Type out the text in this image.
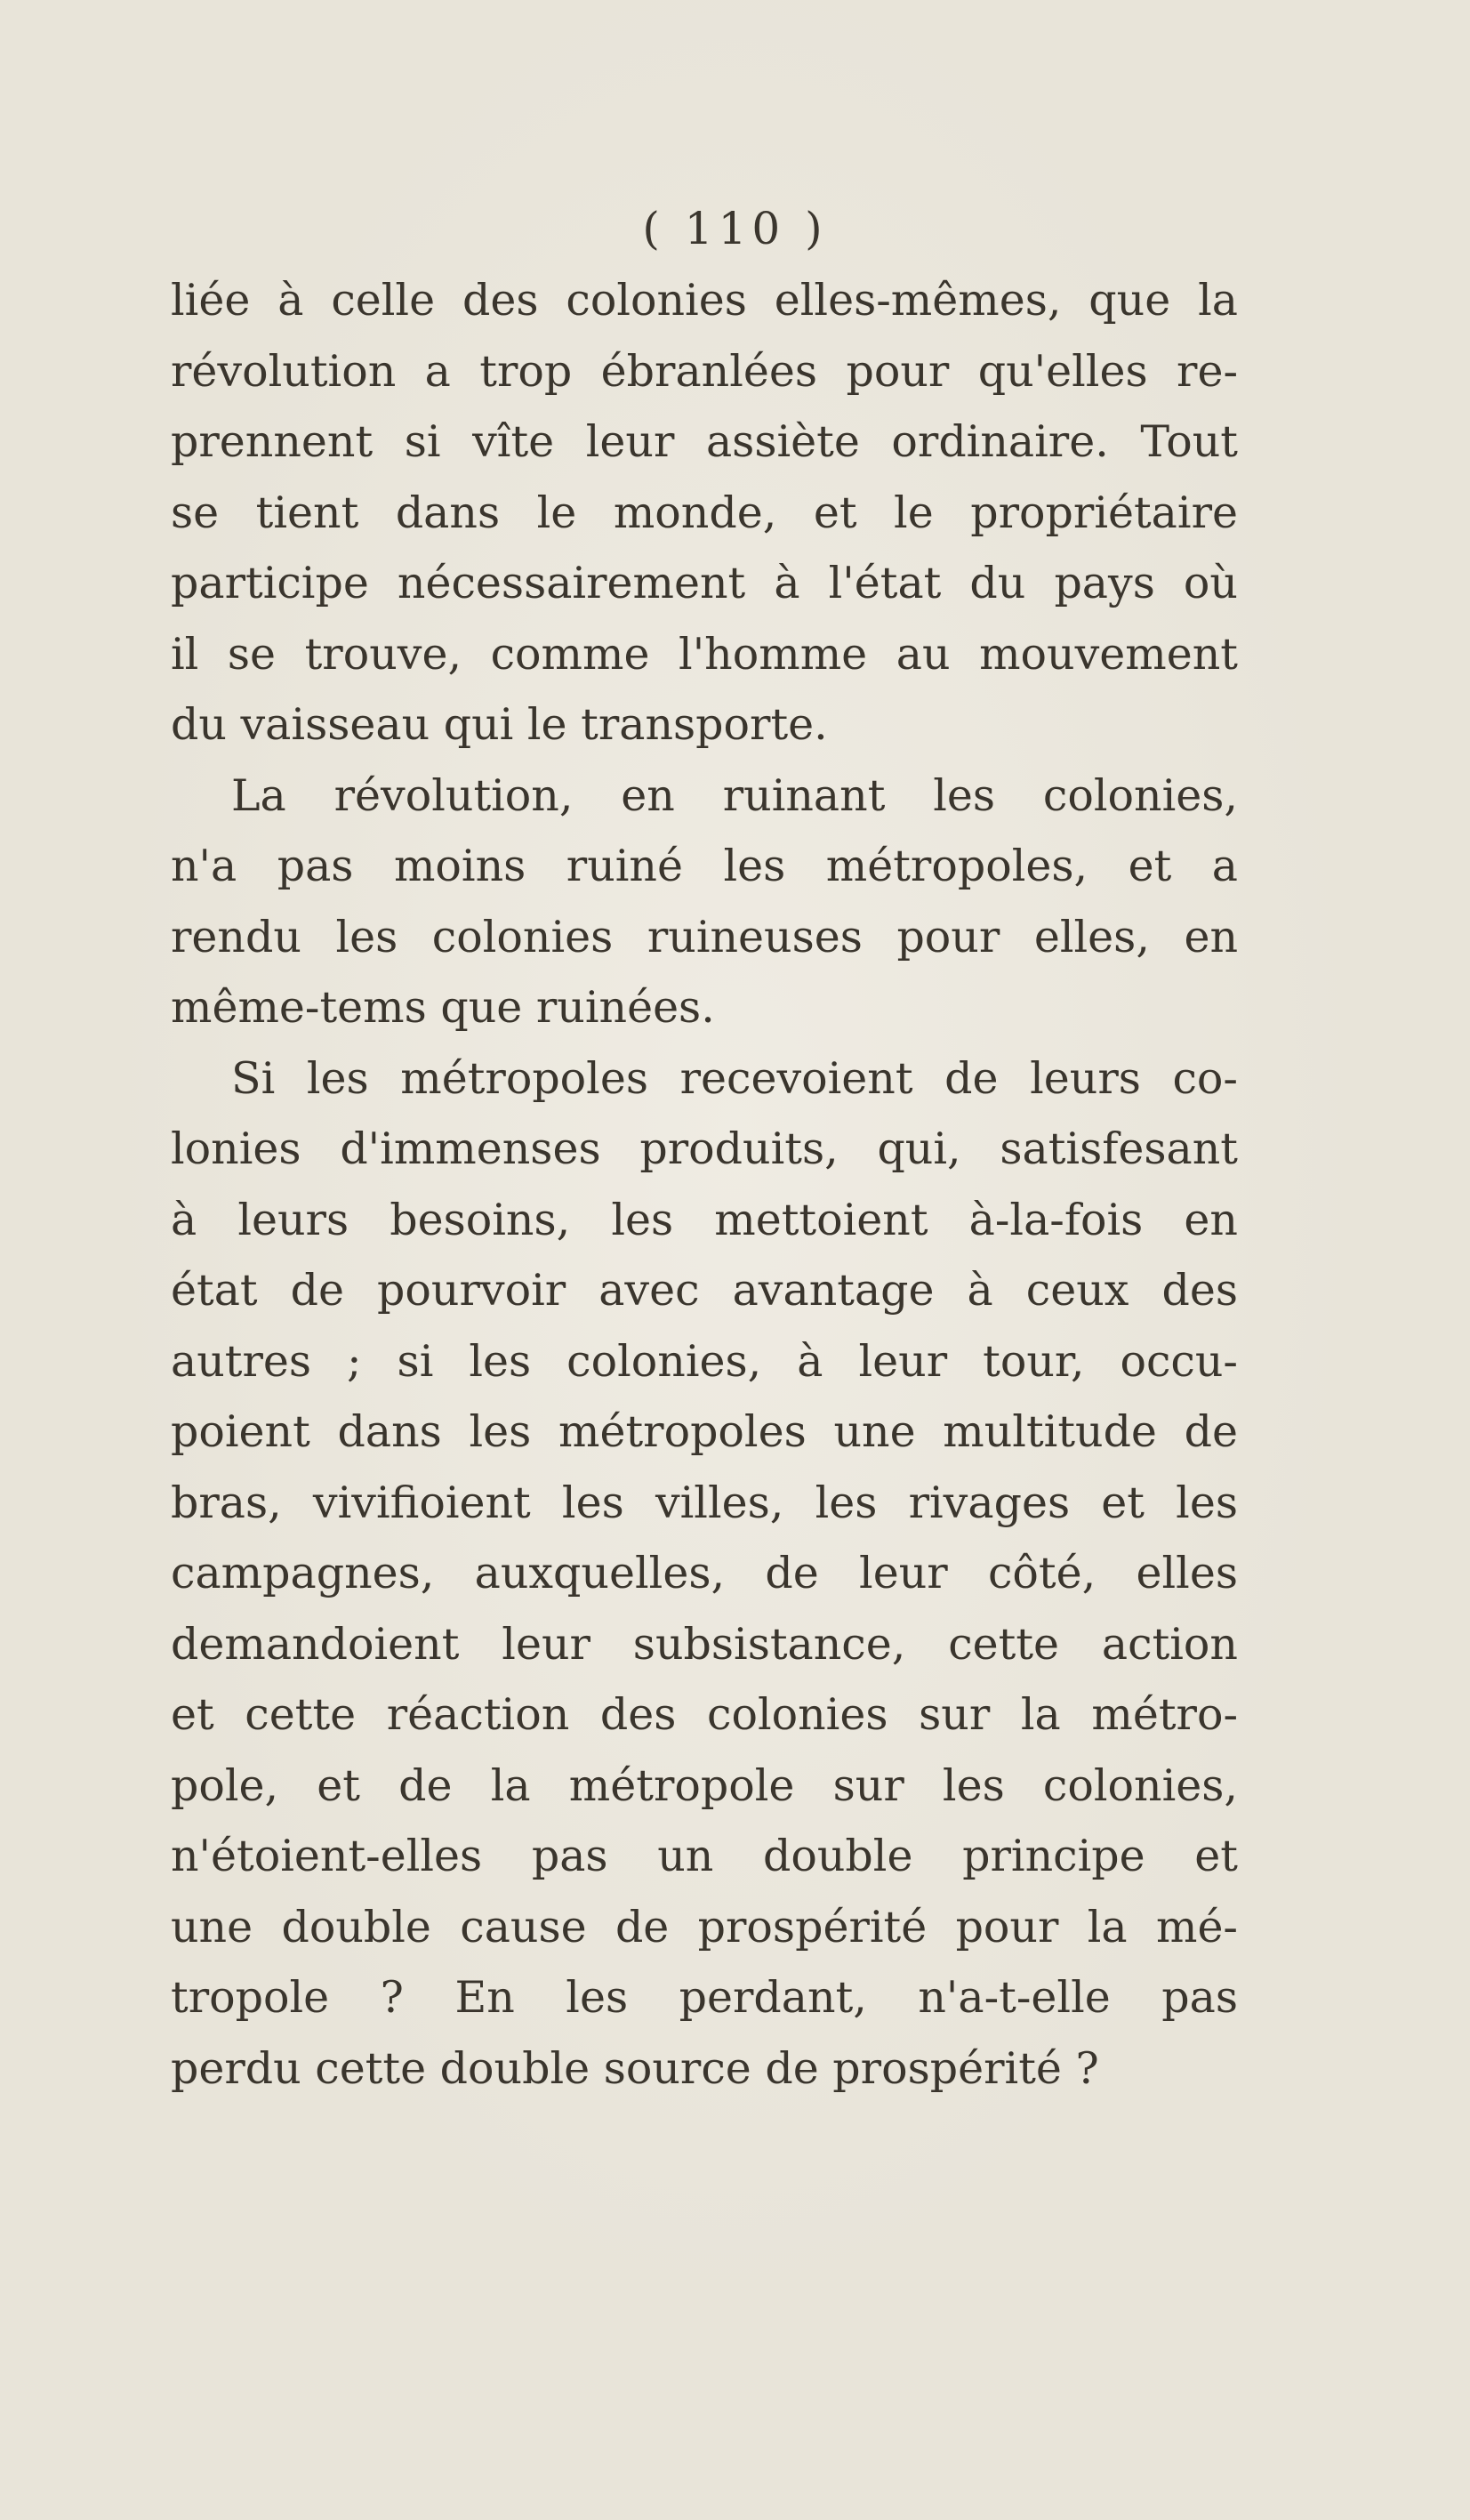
( 110 )
liée à celle des colonies elles-mêmes, que la
révolution a trop ébranlées pour qu'elles re-
prennent si vîte leur assiète ordinaire. Tout
se tient dans le monde, et le propriétaire
participe nécessairement à l'état du pays où
il se trouve, comme l'homme au mouvement
du vaisseau qui le transporte.
La révolution, en ruinant les colonies,
n'a pas moins ruiné les métropoles, et a
rendu les colonies ruineuses pour elles, en
même-tems que ruinées.
Si les métropoles recevoient de leurs co-
lonies d'immenses produits, qui, satisfesant
à leurs besoins, les mettoient à-la-fois en
état de pourvoir avec avantage à ceux des
autres ; si les colonies, à leur tour, occu-
poient dans les métropoles une multitude de
bras, vivifioient les villes, les rivages et les
campagnes, auxquelles, de leur côté, elles
demandoient leur subsistance, cette action
et cette réaction des colonies sur la métro-
pole, et de la métropole sur les colonies,
n'étoient-elles pas un double principe et
une double cause de prospérité pour la mé-
tropole ? En les perdant, n'a-t-elle pas
perdu cette double source de prospérité ?
